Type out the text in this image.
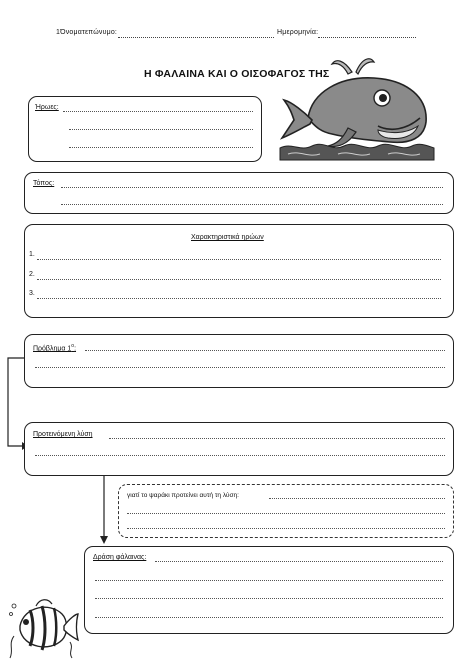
1Όνοματεπώνυμο:	Ημερομηνία:
Η ΦΑΛΑΙΝΑ ΚΑΙ Ο ΟΙΣΟΦΑΓΟΣ ΤΗΣ
Ήρωες:
Τόπος:
Χαρακτηριστικά ηρώων
1.
2.
3.
Πρόβλημα $1^o$:
Προτεινόμενη λύση
γιατί το ψαράκι προτείνει αυτή τη λύση:
Δράση φάλαινας:
